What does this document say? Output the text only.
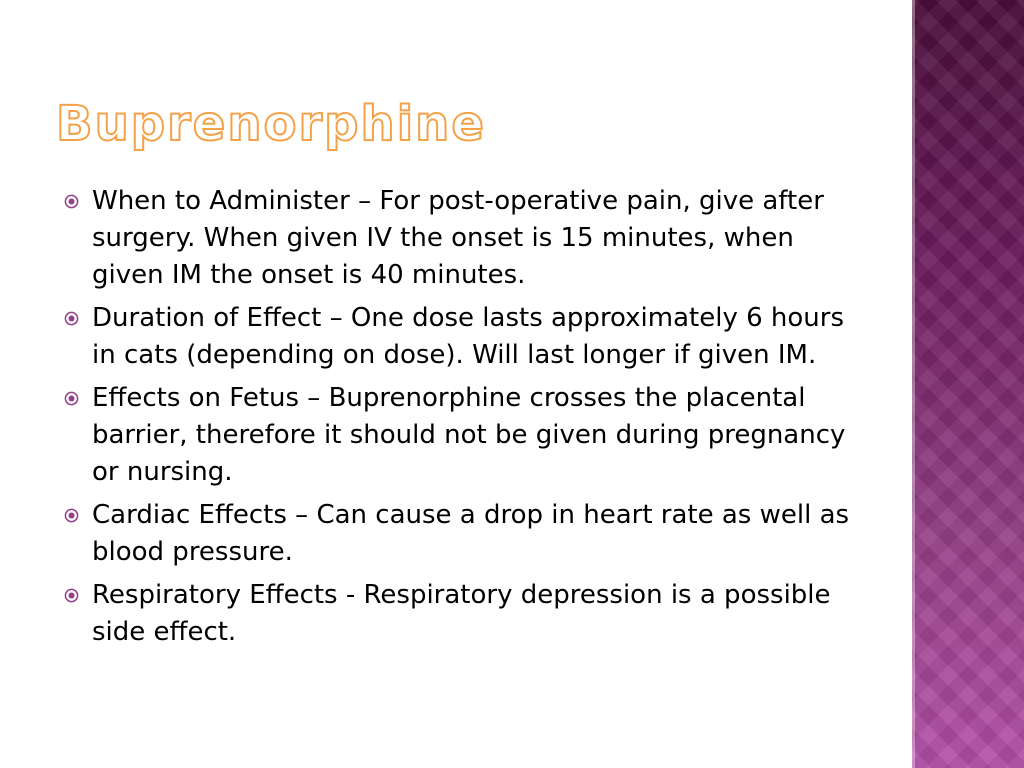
Buprenorphine
When to Administer – For post-operative pain, give after surgery. When given IV the onset is 15 minutes, when given IM the onset is 40 minutes.
Duration of Effect – One dose lasts approximately 6 hours in cats (depending on dose). Will last longer if given IM.
Effects on Fetus – Buprenorphine crosses the placental barrier, therefore it should not be given during pregnancy or nursing.
Cardiac Effects – Can cause a drop in heart rate as well as blood pressure.
Respiratory Effects - Respiratory depression is a possible side effect.
